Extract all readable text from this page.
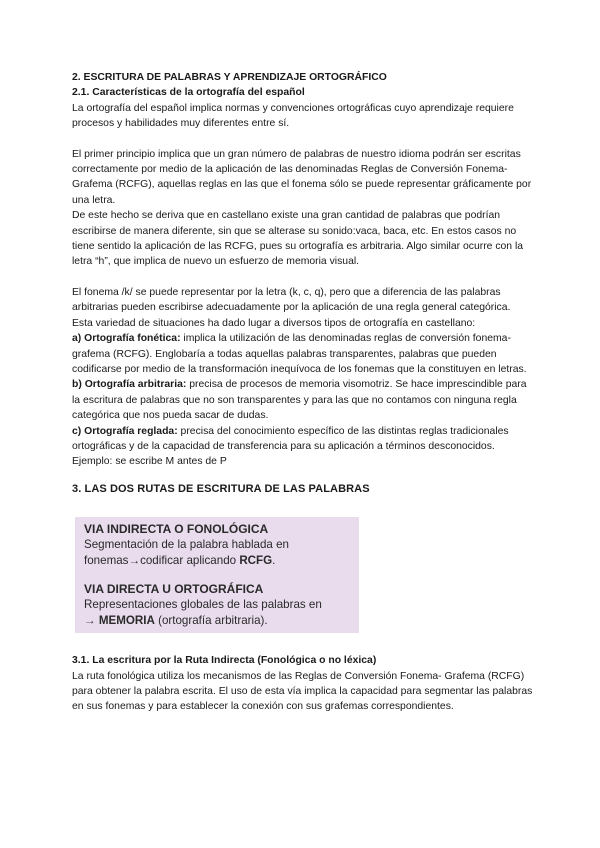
2. ESCRITURA DE PALABRAS Y APRENDIZAJE ORTOGRÁFICO

2.1. Características de la ortografía del español

La ortografía del español implica normas y convenciones ortográficas cuyo aprendizaje requiere procesos y habilidades muy diferentes entre sí.

El primer principio implica que un gran número de palabras de nuestro idioma podrán ser escritas correctamente por medio de la aplicación de las denominadas Reglas de Conversión Fonema-Grafema (RCFG), aquellas reglas en las que el fonema sólo se puede representar gráficamente por una letra.

De este hecho se deriva que en castellano existe una gran cantidad de palabras que podrían escribirse de manera diferente, sin que se alterase su sonido:vaca, baca, etc. En estos casos no tiene sentido la aplicación de las RCFG, pues su ortografía es arbitraria. Algo similar ocurre con la letra “h”, que implica de nuevo un esfuerzo de memoria visual.

El fonema /k/ se puede representar por la letra (k, c, q), pero que a diferencia de las palabras arbitrarias pueden escribirse adecuadamente por la aplicación de una regla general categórica. Esta variedad de situaciones ha dado lugar a diversos tipos de ortografía en castellano:

a) Ortografía fonética: implica la utilización de las denominadas reglas de conversión fonema-grafema (RCFG). Englobaría a todas aquellas palabras transparentes, palabras que pueden codificarse por medio de la transformación inequívoca de los fonemas que la constituyen en letras.

b) Ortografía arbitraria: precisa de procesos de memoria visomotriz. Se hace imprescindible para la escritura de palabras que no son transparentes y para las que no contamos con ninguna regla categórica que nos pueda sacar de dudas.

c) Ortografía reglada: precisa del conocimiento específico de las distintas reglas tradicionales ortográficas y de la capacidad de transferencia para su aplicación a términos desconocidos. Ejemplo: se escribe M antes de P

3. LAS DOS RUTAS DE ESCRITURA DE LAS PALABRAS

VIA INDIRECTA O FONOLÓGICA
Segmentación de la palabra hablada en
fonemas→codificar aplicando RCFG.
VIA DIRECTA U ORTOGRÁFICA
Representaciones globales de las palabras en
→ MEMORIA (ortografía arbitraria).

3.1. La escritura por la Ruta Indirecta (Fonológica o no léxica)

La ruta fonológica utiliza los mecanismos de las Reglas de Conversión Fonema- Grafema (RCFG) para obtener la palabra escrita. El uso de esta vía implica la capacidad para segmentar las palabras en sus fonemas y para establecer la conexión con sus grafemas correspondientes.
